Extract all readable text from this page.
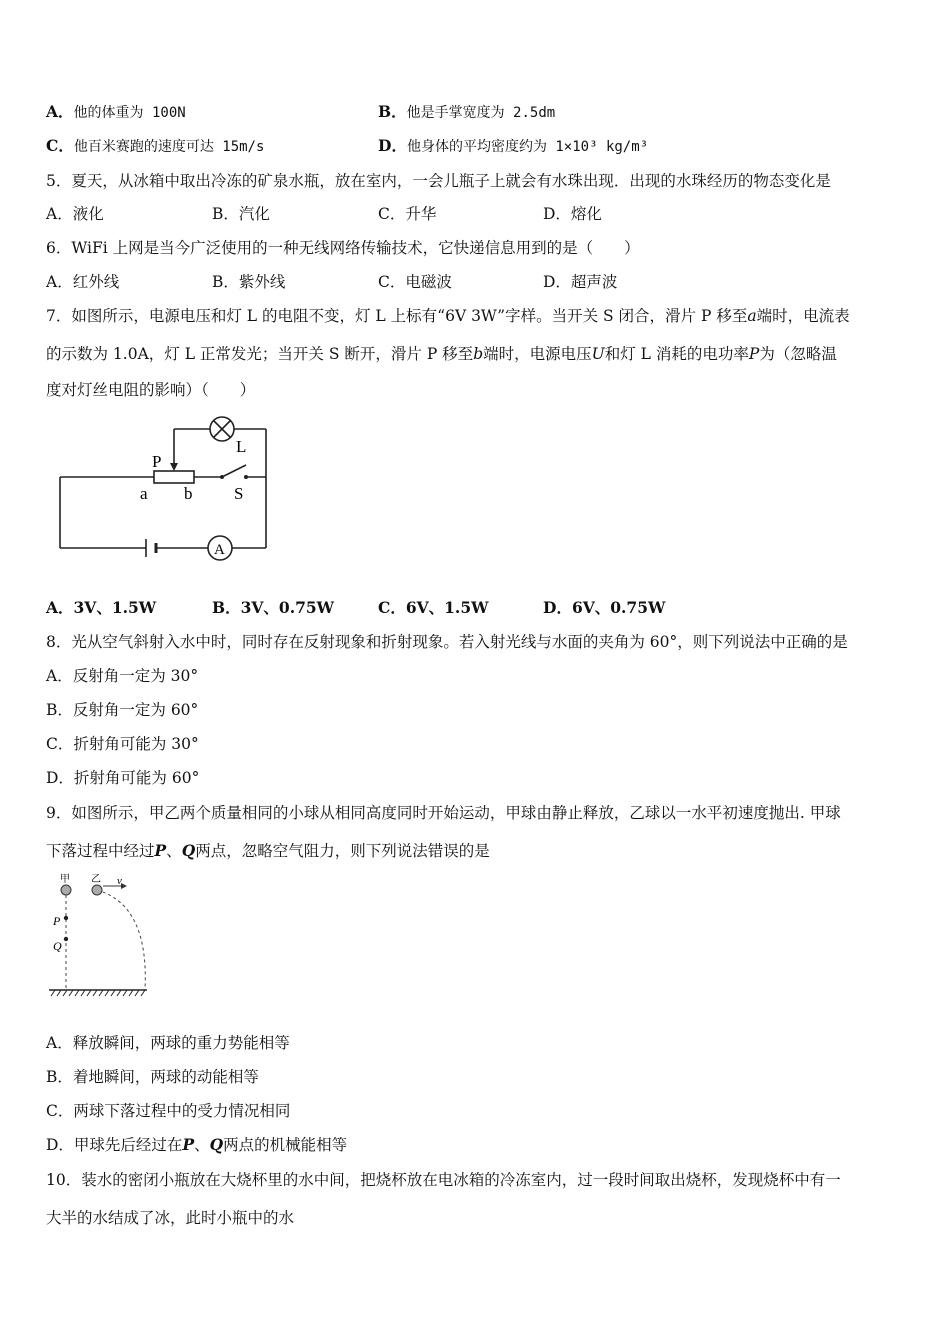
A．他的体重为 100N	B．他是手掌宽度为 2.5dm
C．他百米赛跑的速度可达 15m/s	D．他身体的平均密度约为 1×10³ kg/m³
5．夏天，从冰箱中取出冷冻的矿泉水瓶，放在室内，一会儿瓶子上就会有水珠出现．出现的水珠经历的物态变化是
A．液化	B．汽化	C．升华	D．熔化
6．WiFi 上网是当今广泛使用的一种无线网络传输技术，它快递信息用到的是（　　）
A．红外线	B．紫外线	C．电磁波	D．超声波
7．如图所示，电源电压和灯 L 的电阻不变，灯 L 上标有“6V 3W”字样。当开关 S 闭合，滑片 P 移至a端时，电流表
的示数为 1.0A，灯 L 正常发光；当开关 S 断开，滑片 P 移至b端时，电源电压U和灯 L 消耗的电功率P为（忽略温
度对灯丝电阻的影响）（　　）
P
L
a b S
A
A．3V、1.5W	B．3V、0.75W	C．6V、1.5W	D．6V、0.75W
8．光从空气斜射入水中时，同时存在反射现象和折射现象。若入射光线与水面的夹角为 60°，则下列说法中正确的是
A．反射角一定为 30°
B．反射角一定为 60°
C．折射角可能为 30°
D．折射角可能为 60°
9．如图所示，甲乙两个质量相同的小球从相同高度同时开始运动，甲球由静止释放，乙球以一水平初速度抛出. 甲球
下落过程中经过P、Q两点，忽略空气阻力，则下列说法错误的是
甲 乙 v
P
Q
A．释放瞬间，两球的重力势能相等
B．着地瞬间，两球的动能相等
C．两球下落过程中的受力情况相同
D．甲球先后经过在P、Q两点的机械能相等
10．装水的密闭小瓶放在大烧杯里的水中间，把烧杯放在电冰箱的冷冻室内，过一段时间取出烧杯，发现烧杯中有一
大半的水结成了冰，此时小瓶中的水
